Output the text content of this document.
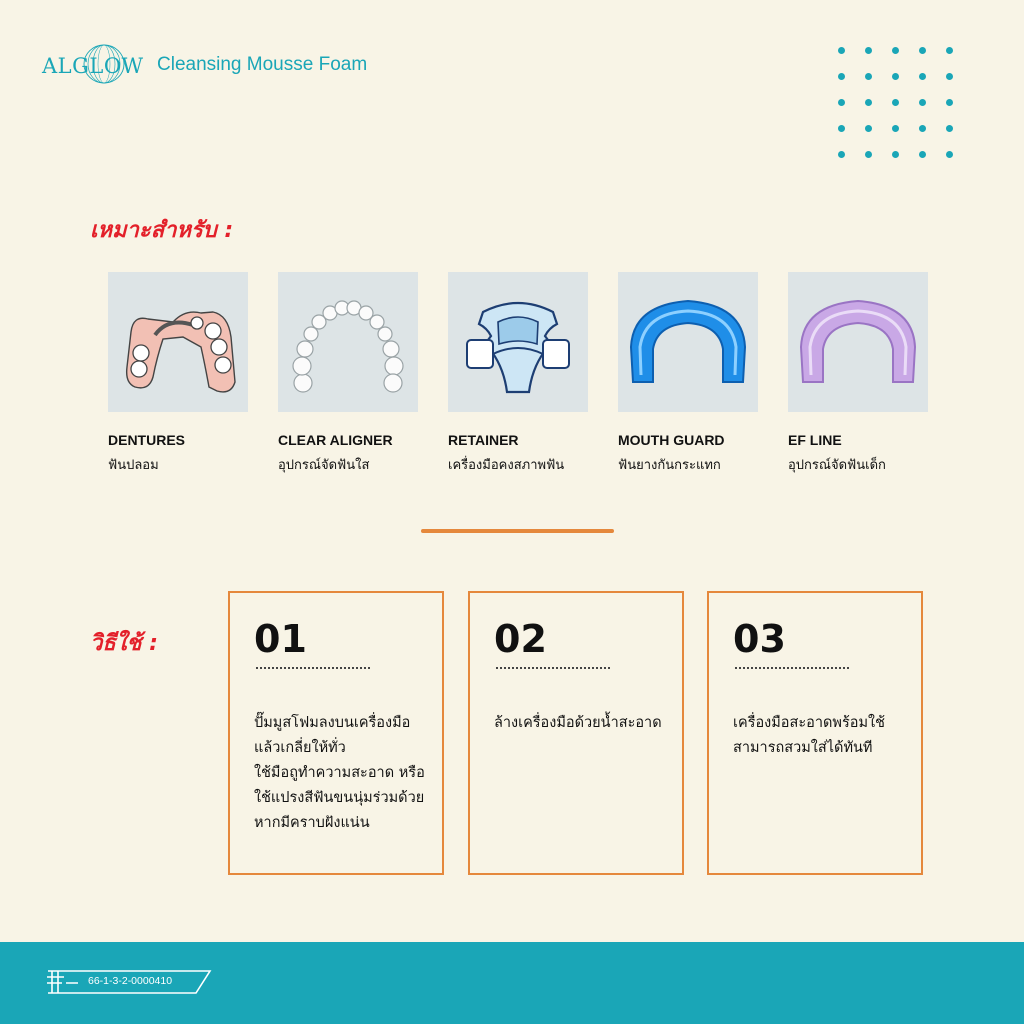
ALGLOW Cleansing Mousse Foam
เหมาะสำหรับ :
DENTURES
ฟันปลอม
CLEAR ALIGNER
อุปกรณ์จัดฟันใส
RETAINER
เครื่องมือคงสภาพฟัน
MOUTH GUARD
ฟันยางกันกระแทก
EF LINE
อุปกรณ์จัดฟันเด็ก
วิธีใช้ :	01
ปั๊มมูสโฟมลงบนเครื่องมือ
แล้วเกลี่ยให้ทั่ว
ใช้มือถูทำความสะอาด หรือ
ใช้แปรงสีฟันขนนุ่มร่วมด้วย
หากมีคราบฝังแน่น
02
ล้างเครื่องมือด้วยน้ำสะอาด
03
เครื่องมือสะอาดพร้อมใช้
สามารถสวมใส่ได้ทันที
66-1-3-2-0000410
